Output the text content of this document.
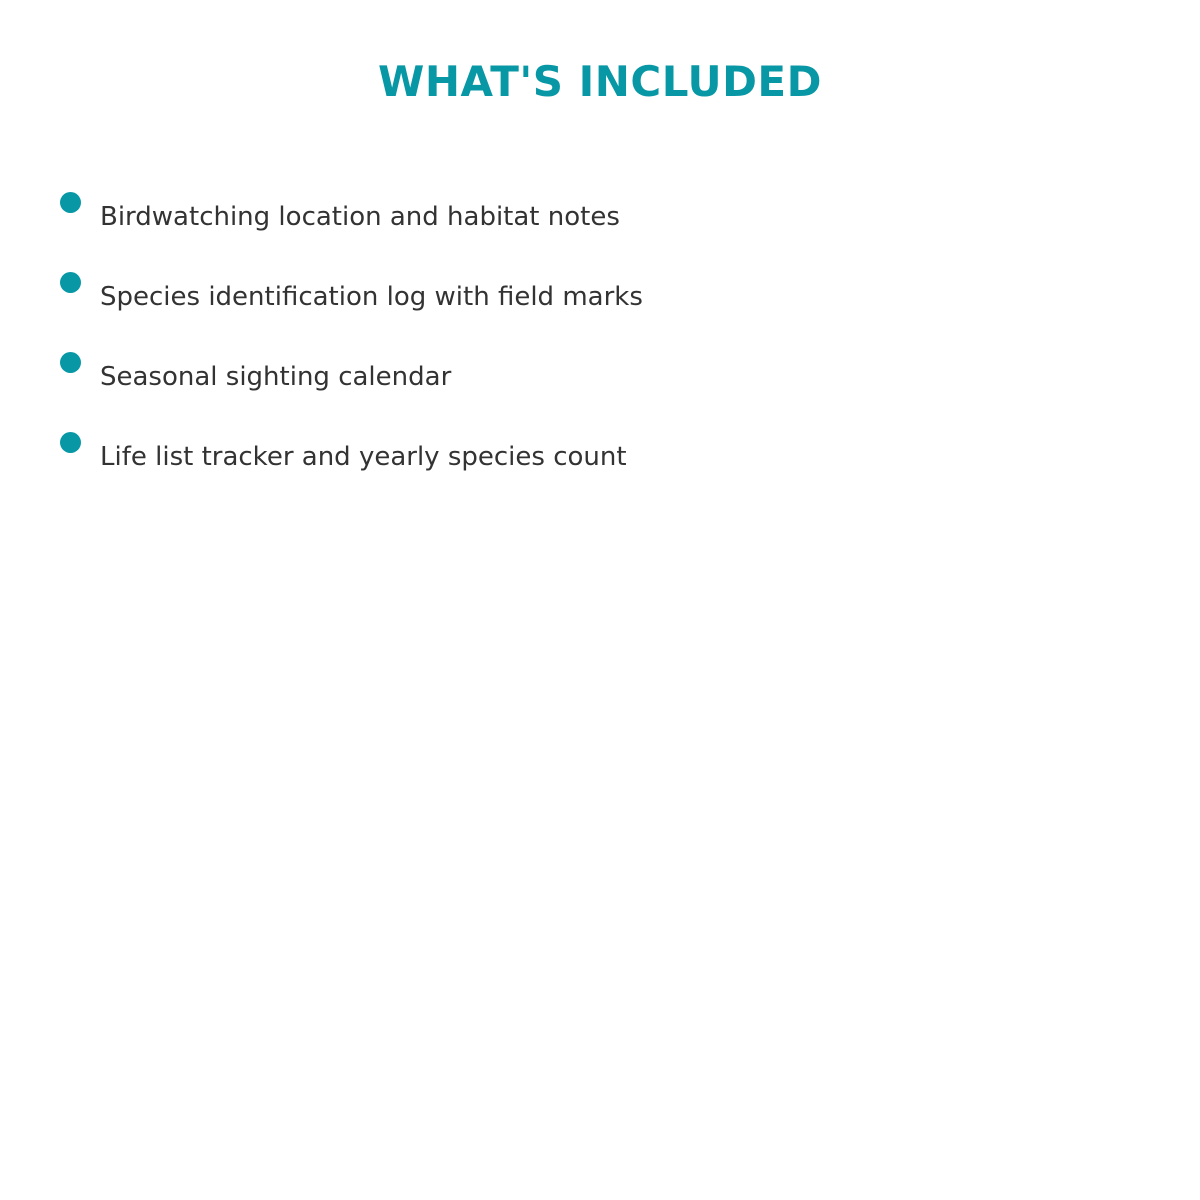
WHAT'S INCLUDED
Birdwatching location and habitat notes
Species identification log with field marks
Seasonal sighting calendar
Life list tracker and yearly species count
